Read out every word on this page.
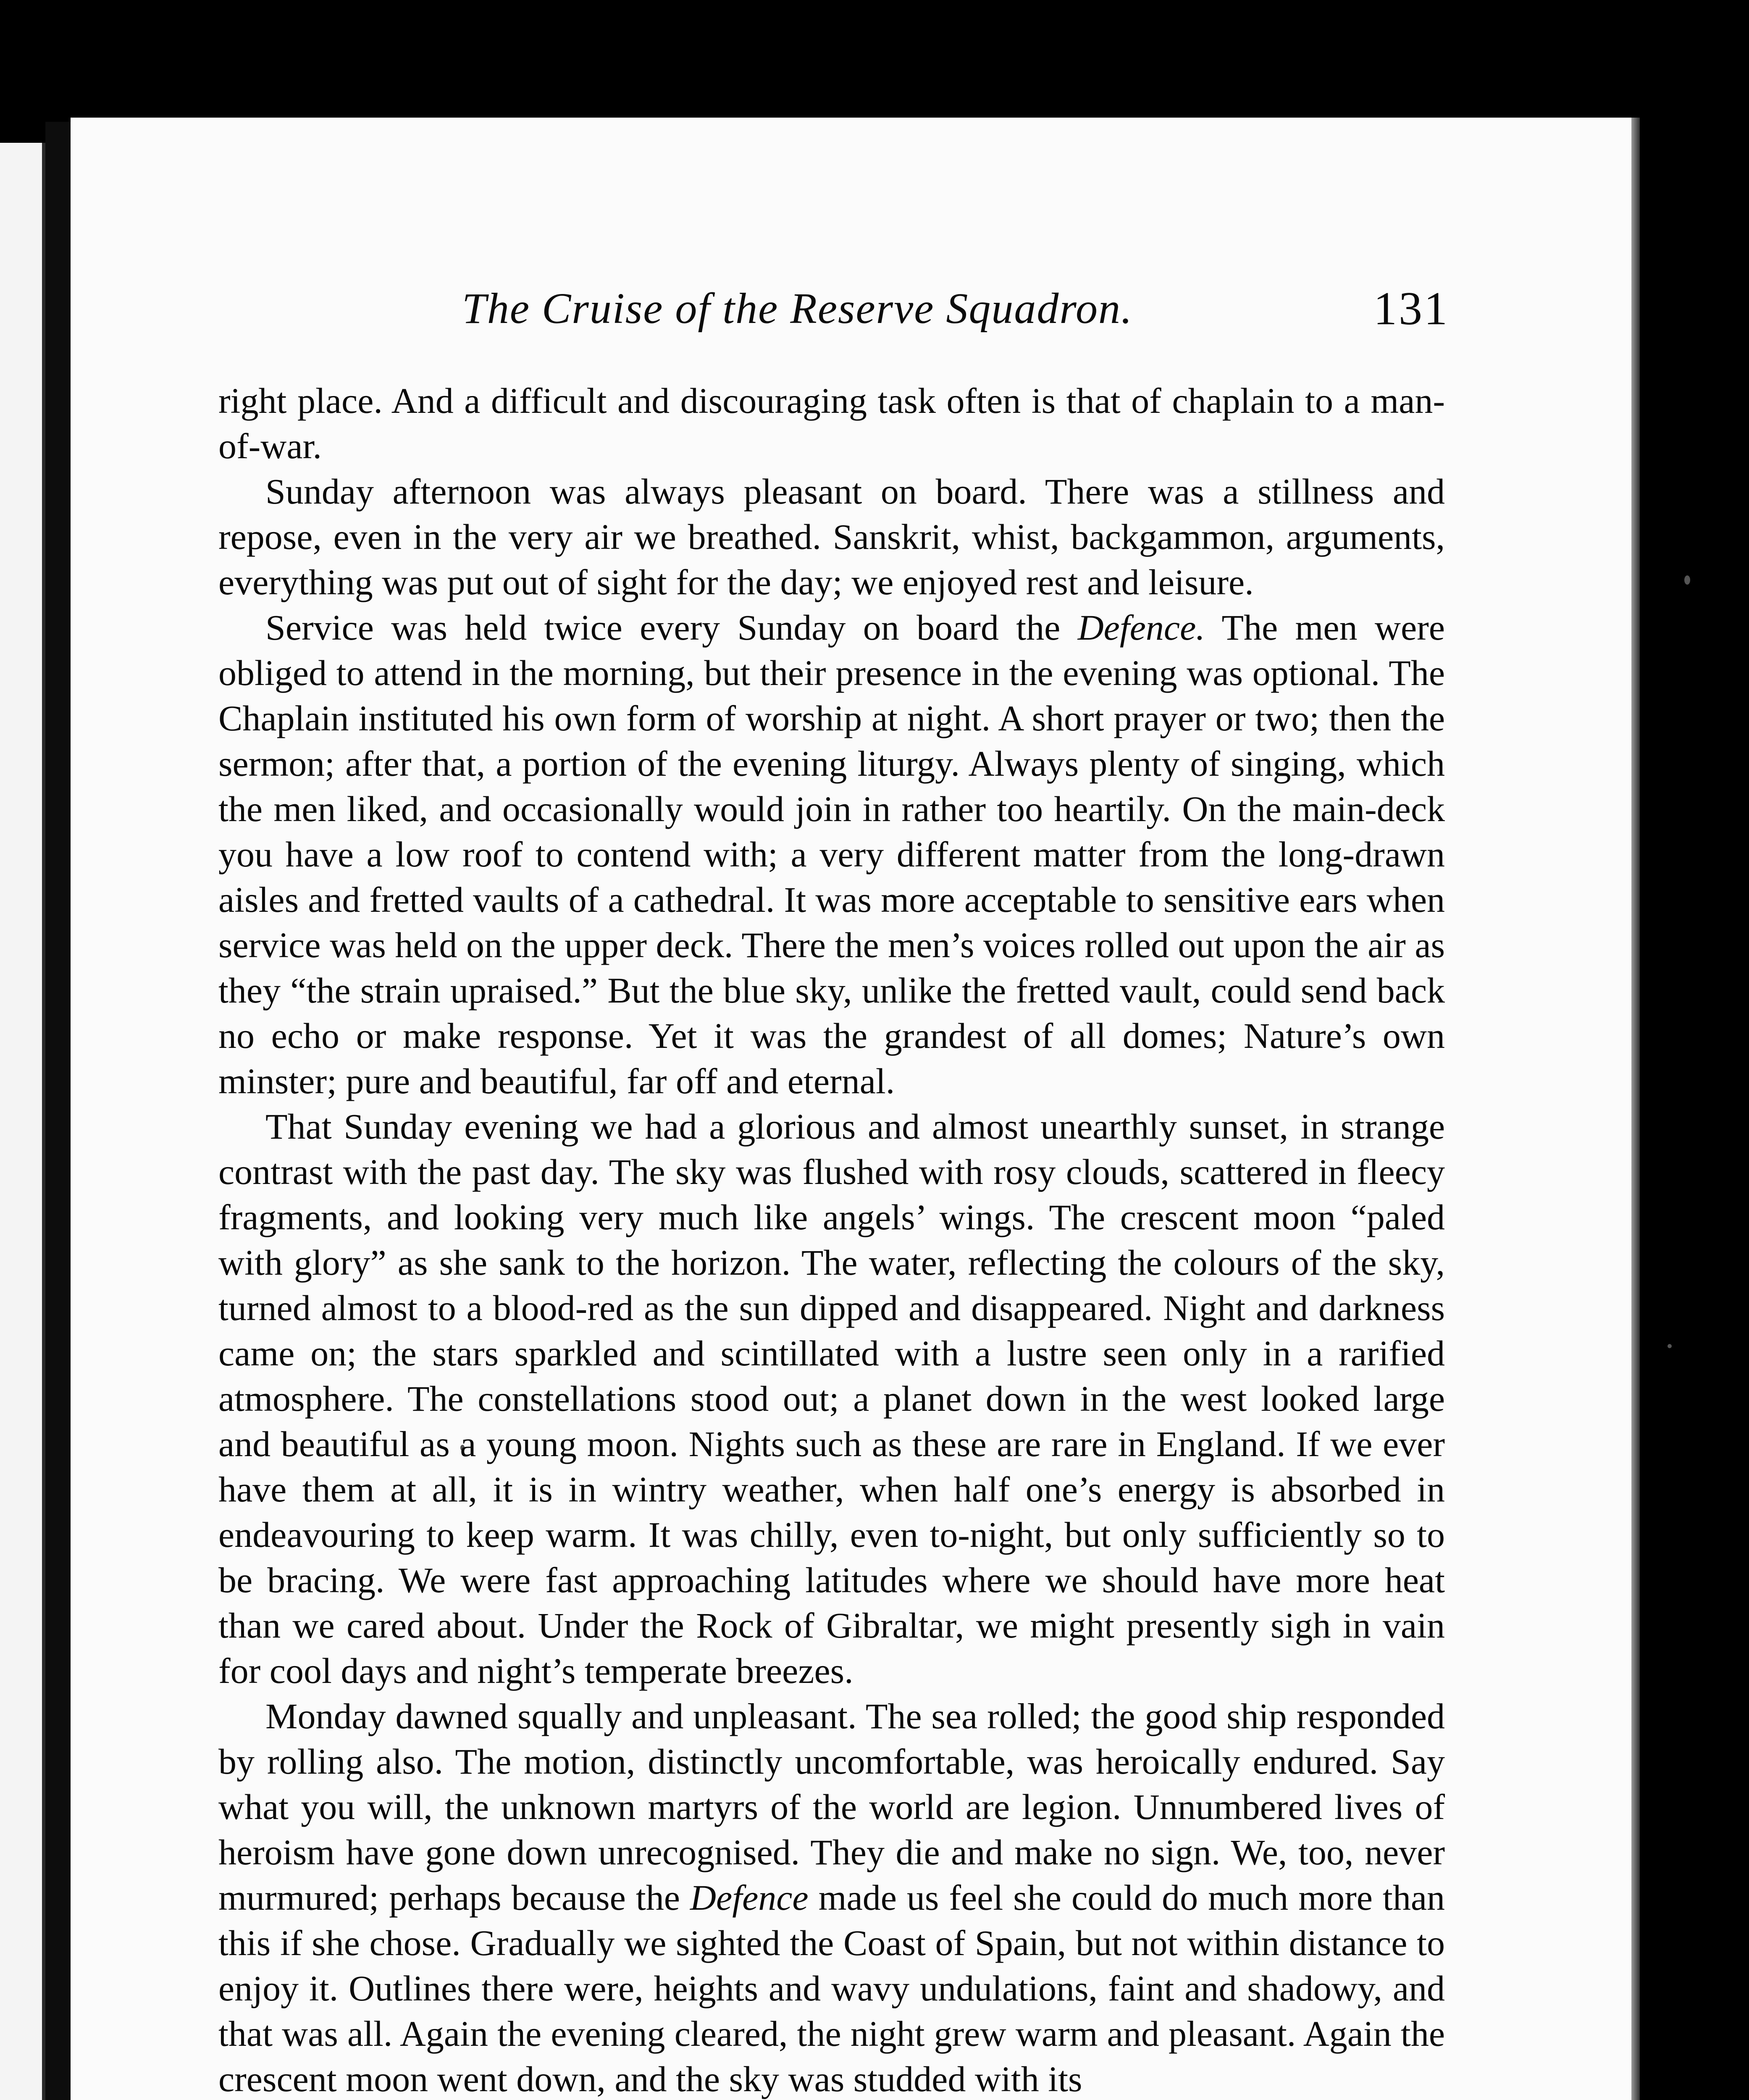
The Cruise of the Reserve Squadron.	131

right place. And a difficult and discouraging task often is that of chaplain to a man-of-war.

Sunday afternoon was always pleasant on board. There was a stillness and repose, even in the very air we breathed. Sanskrit, whist, backgammon, arguments, everything was put out of sight for the day; we enjoyed rest and leisure.

Service was held twice every Sunday on board the Defence. The men were obliged to attend in the morning, but their presence in the evening was optional. The Chaplain instituted his own form of worship at night. A short prayer or two; then the sermon; after that, a portion of the evening liturgy. Always plenty of singing, which the men liked, and occasionally would join in rather too heartily. On the main-deck you have a low roof to contend with; a very different matter from the long-drawn aisles and fretted vaults of a cathedral. It was more acceptable to sensitive ears when service was held on the upper deck. There the men’s voices rolled out upon the air as they “the strain upraised.” But the blue sky, unlike the fretted vault, could send back no echo or make response. Yet it was the grandest of all domes; Nature’s own minster; pure and beautiful, far off and eternal.

That Sunday evening we had a glorious and almost unearthly sunset, in strange contrast with the past day. The sky was flushed with rosy clouds, scattered in fleecy fragments, and looking very much like angels’ wings. The crescent moon “paled with glory” as she sank to the horizon. The water, reflecting the colours of the sky, turned almost to a blood-red as the sun dipped and disappeared. Night and darkness came on; the stars sparkled and scintillated with a lustre seen only in a rarified atmosphere. The constellations stood out; a planet down in the west looked large and beautiful as a young moon. Nights such as these are rare in England. If we ever have them at all, it is in wintry weather, when half one’s energy is absorbed in endeavouring to keep warm. It was chilly, even to-night, but only sufficiently so to be bracing. We were fast approaching latitudes where we should have more heat than we cared about. Under the Rock of Gibraltar, we might presently sigh in vain for cool days and night’s temperate breezes.

Monday dawned squally and unpleasant. The sea rolled; the good ship responded by rolling also. The motion, distinctly uncomfortable, was heroically endured. Say what you will, the unknown martyrs of the world are legion. Unnumbered lives of heroism have gone down unrecognised. They die and make no sign. We, too, never murmured; perhaps because the Defence made us feel she could do much more than this if she chose. Gradually we sighted the Coast of Spain, but not within distance to enjoy it. Outlines there were, heights and wavy undulations, faint and shadowy, and that was all. Again the evening cleared, the night grew warm and pleasant. Again the crescent moon went down, and the sky was studded with its
